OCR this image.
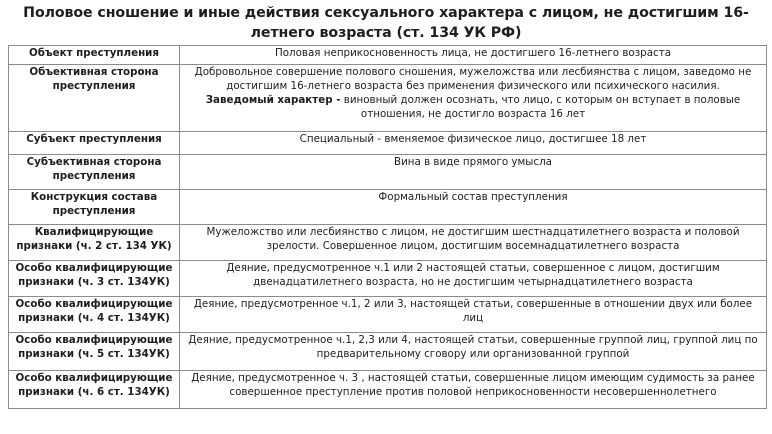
Половое сношение и иные действия сексуального характера с лицом, не достигшим 16-летнего возраста (ст. 134 УК РФ)
Объект преступления	Половая неприкосновенность лица, не достигшего 16-летнего возраста
Объективная сторона преступления	Добровольное совершение полового сношения, мужеложства или лесбиянства с лицом, заведомо не достигшим 16-летнего возраста без применения физического или психического насилия.
Заведомый характер - виновный должен осознать, что лицо, с которым он вступает в половые отношения, не достигло возраста 16 лет
Субъект преступления	Специальный - вменяемое физическое лицо, достигшее 18 лет
Субъективная сторона преступления	Вина в виде прямого умысла
Конструкция состава преступления	Формальный состав преступления
Квалифицирующие признаки (ч. 2 ст. 134 УК)	Мужеложство или лесбиянство с лицом, не достигшим шестнадцатилетнего возраста и половой зрелости. Совершенное лицом, достигшим восемнадцатилетнего возраста
Особо квалифицирующие признаки (ч. 3 ст. 134УК)	Деяние, предусмотренное ч.1 или 2 настоящей статьи, совершенное с лицом, достигшим двенадцатилетнего возраста, но не достигшим четырнадцатилетнего возраста
Особо квалифицирующие признаки (ч. 4 ст. 134УК)	Деяние, предусмотренное ч.1, 2 или 3, настоящей статьи, совершенные в отношении двух или более лиц
Особо квалифицирующие признаки (ч. 5 ст. 134УК)	Деяние, предусмотренное ч.1, 2,3 или 4, настоящей статьи, совершенные группой лиц, группой лиц по предварительному сговору или организованной группой
Особо квалифицирующие признаки (ч. 6 ст. 134УК)	Деяние, предусмотренное ч. 3 , настоящей статьи, совершенные лицом имеющим судимость за ранее совершенное преступление против половой неприкосновенности несовершеннолетнего
